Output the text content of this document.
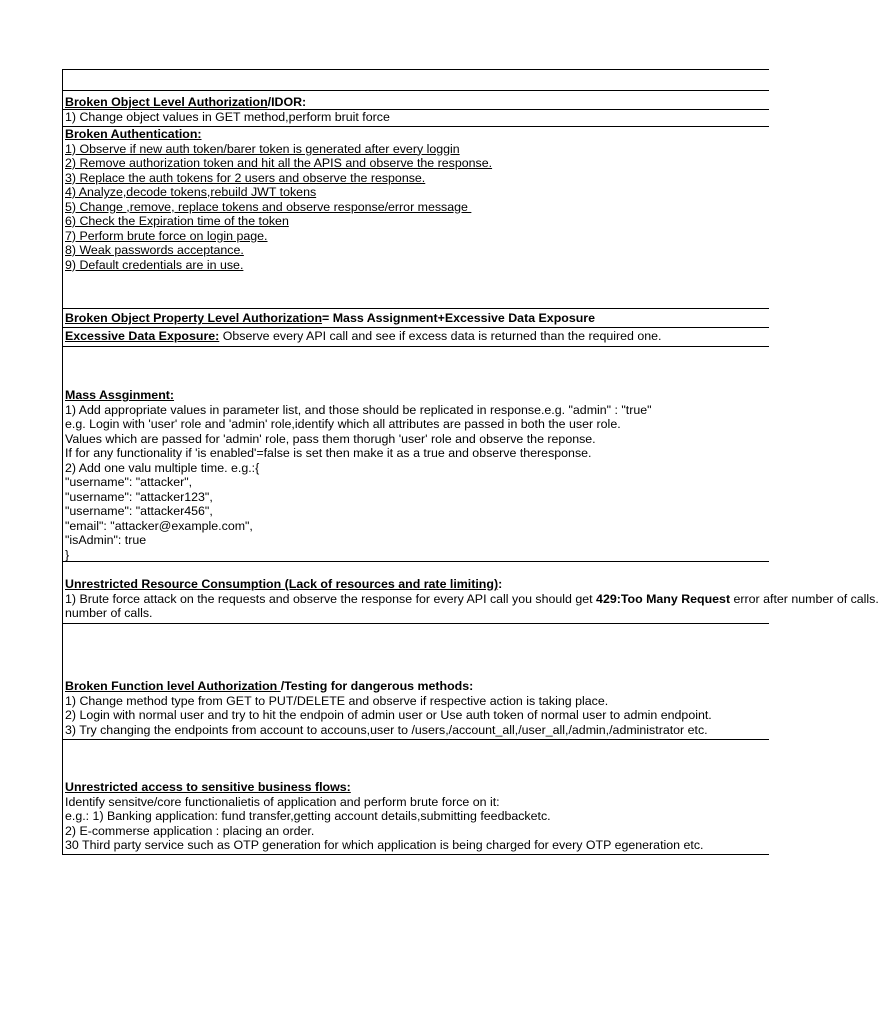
Broken Object Level Authorization/IDOR:
1) Change object values in GET method,perform bruit force
Broken Authentication:
1) Observe if new auth token/barer token is generated after every loggin
2) Remove authorization token and hit all the APIS and observe the response.
3) Replace the auth tokens for 2 users and observe the response.
4) Analyze,decode tokens,rebuild JWT tokens
5) Change ,remove, replace tokens and observe response/error message
6) Check the Expiration time of the token
7) Perform brute force on login page.
8) Weak passwords acceptance.
9) Default credentials are in use.
Broken Object Property Level Authorization= Mass Assignment+Excessive Data Exposure
Excessive Data Exposure: Observe every API call and see if excess data is returned than the required one.
Mass Assginment:
1) Add appropriate values in parameter list, and those should be replicated in response.e.g. "admin" : "true"
e.g. Login with 'user' role and 'admin' role,identify which all attributes are passed in both the user role.
Values which are passed for 'admin' role, pass them thorugh 'user' role and observe the reponse.
If for any functionality if 'is enabled'=false is set then make it as a true and observe theresponse.
2) Add one valu multiple time. e.g.:{
"username": "attacker",
"username": "attacker123",
"username": "attacker456",
"email": "attacker@example.com",
"isAdmin": true
}
Unrestricted Resource Consumption (Lack of resources and rate limiting):
1) Brute force attack on the requests and observe the response for every API call you should get 429:Too Many Request error after number of calls.
number of calls.
Broken Function level Authorization /Testing for dangerous methods:
1) Change method type from GET to PUT/DELETE and observe if respective action is taking place.
2) Login with normal user and try to hit the endpoin of admin user or Use auth token of normal user to admin endpoint.
3) Try changing the endpoints from account to accouns,user to /users,/account_all,/user_all,/admin,/administrator etc.
Unrestricted access to sensitive business flows:
Identify sensitve/core functionalietis of application and perform brute force on it:
e.g.: 1) Banking application: fund transfer,getting account details,submitting feedbacketc.
2) E-commerse application : placing an order.
30 Third party service such as OTP generation for which application is being charged for every OTP egeneration etc.
